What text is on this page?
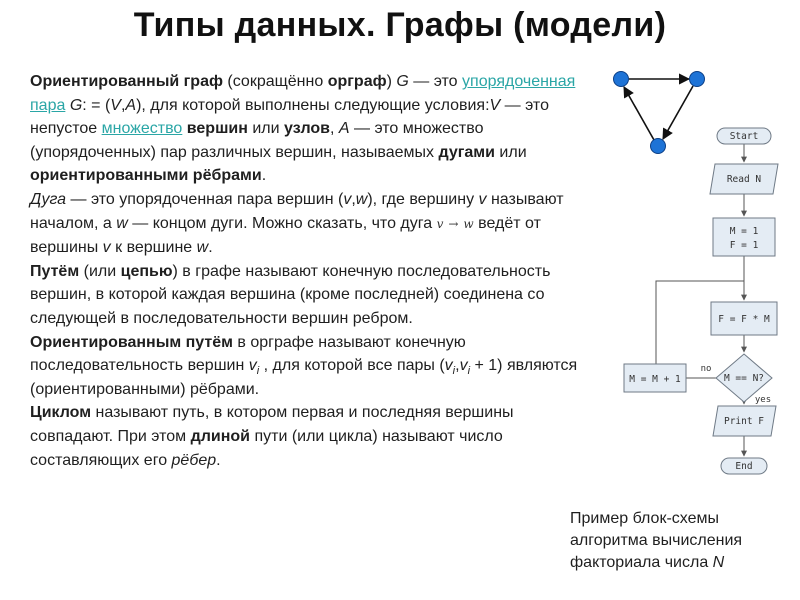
Типы данных. Графы (модели)

Ориентированный граф (сокращённо орграф) G — это упорядоченная пара G: = (V,A), для которой выполнены следующие условия:V — это непустое множество вершин или узлов, A — это множество (упорядоченных) пар различных вершин, называемых дугами или ориентированными рёбрами.

Дуга — это упорядоченная пара вершин (v,w), где вершину v называют началом, а w — концом дуги. Можно сказать, что дуга v → w ведёт от вершины v к вершине w.

Путём (или цепью) в графе называют конечную последовательность вершин, в которой каждая вершина (кроме последней) соединена со следующей в последовательности вершин ребром.

Ориентированным путём в орграфе называют конечную последовательность вершин $v_i$ , для которой все пары $(v_i,v_i + 1)$ являются (ориентированными) рёбрами.

Циклом называют путь, в котором первая и последняя вершины совпадают. При этом длиной пути (или цикла) называют число составляющих его рёбер.

Start
Read N
M = 1
F = 1
F = F * M
M == N?
M = M + 1
no
yes
Print F
End
Пример блок-схемы
алгоритма вычисления
факториала числа N
